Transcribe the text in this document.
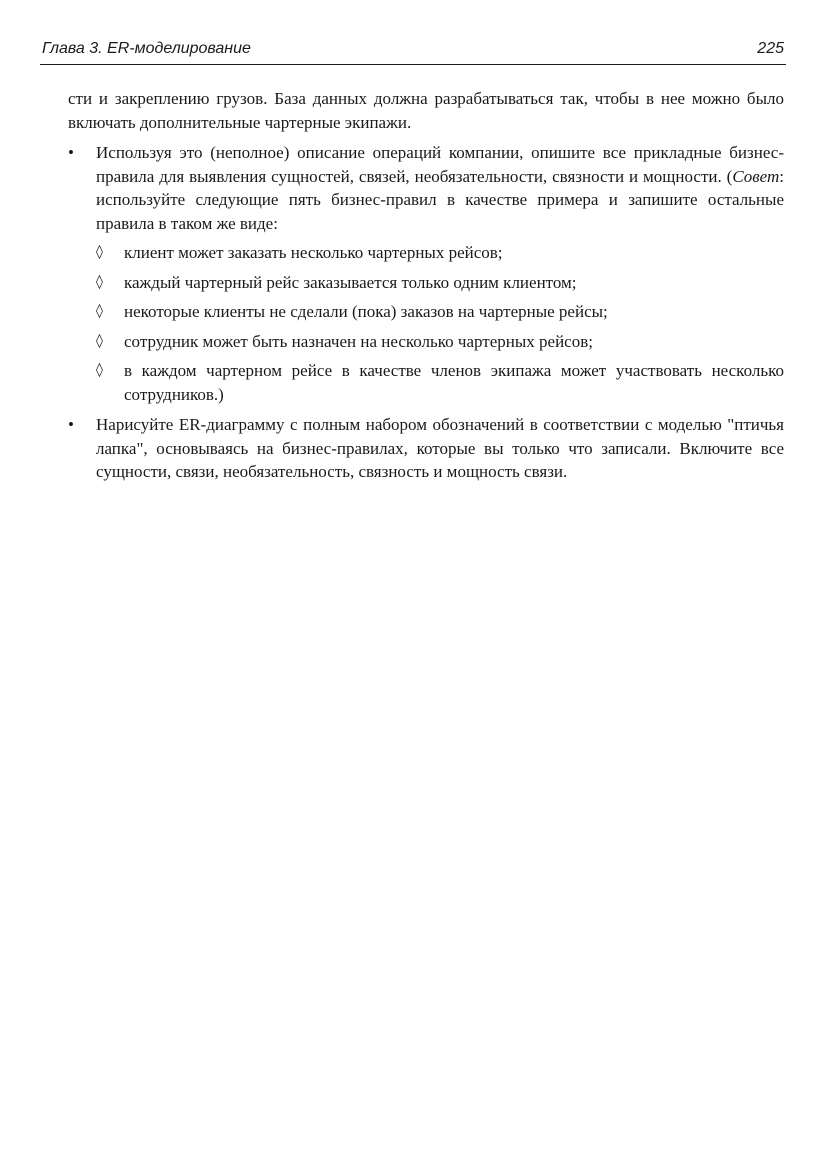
Глава 3. ER-моделирование	225

сти и закреплению грузов. База данных должна разрабатываться так, чтобы в нее можно было включать дополнительные чартерные экипажи.

• Используя это (неполное) описание операций компании, опишите все прикладные бизнес-правила для выявления сущностей, связей, необязательности, связности и мощности. (Совет: используйте следующие пять бизнес-правил в качестве примера и запишите остальные правила в таком же виде:
◊	клиент может заказать несколько чартерных рейсов;
◊	каждый чартерный рейс заказывается только одним клиентом;
◊	некоторые клиенты не сделали (пока) заказов на чартерные рейсы;
◊	сотрудник может быть назначен на несколько чартерных рейсов;
◊	в каждом чартерном рейсе в качестве членов экипажа может участвовать несколько сотрудников.)
• Нарисуйте ER-диаграмму с полным набором обозначений в соответствии с моделью "птичья лапка", основываясь на бизнес-правилах, которые вы только что записали. Включите все сущности, связи, необязательность, связность и мощность связи.
